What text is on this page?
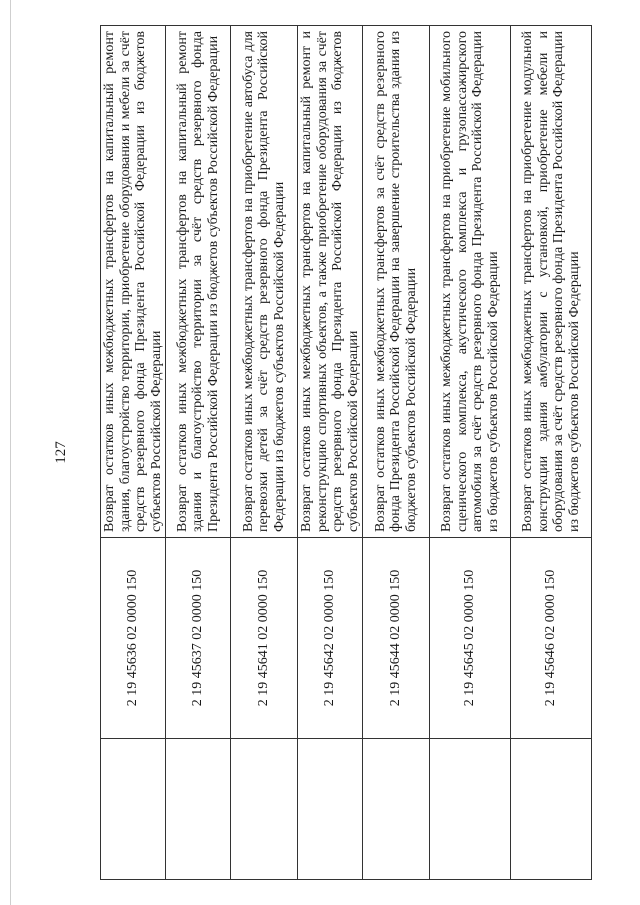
127
	2 19 45636 02 0000 150	Возврат остатков иных межбюджетных трансфертов на капитальный ремонт здания, благоустройство территории, приобретение оборудования и мебели за счёт средств резервного фонда Президента Российской Федерации из бюджетов субъектов Российской Федерации
	2 19 45637 02 0000 150	Возврат остатков иных межбюджетных трансфертов на капитальный ремонт здания и благоустройство территории за счёт средств резервного фонда Президента Российской Федерации из бюджетов субъектов Российской Федерации
	2 19 45641 02 0000 150	Возврат остатков иных межбюджетных трансфертов на приобретение автобуса для перевозки детей за счёт средств резервного фонда Президента Российской Федерации из бюджетов субъектов Российской Федерации
	2 19 45642 02 0000 150	Возврат остатков иных межбюджетных трансфертов на капитальный ремонт и реконструкцию спортивных объектов, а также приобретение оборудования за счёт средств резервного фонда Президента Российской Федерации из бюджетов субъектов Российской Федерации
	2 19 45644 02 0000 150	Возврат остатков иных межбюджетных трансфертов за счёт средств резервного фонда Президента Российской Федерации на завершение строительства здания из бюджетов субъектов Российской Федерации
	2 19 45645 02 0000 150	Возврат остатков иных межбюджетных трансфертов на приобретение мобильного сценического комплекса, акустического комплекса и грузопассажирского автомобиля за счёт средств резервного фонда Президента Российской Федерации из бюджетов субъектов Российской Федерации
	2 19 45646 02 0000 150	Возврат остатков иных межбюджетных трансфертов на приобретение модульной конструкции здания амбулатории с установкой, приобретение мебели и оборудования за счёт средств резервного фонда Президента Российской Федерации из бюджетов субъектов Российской Федерации
